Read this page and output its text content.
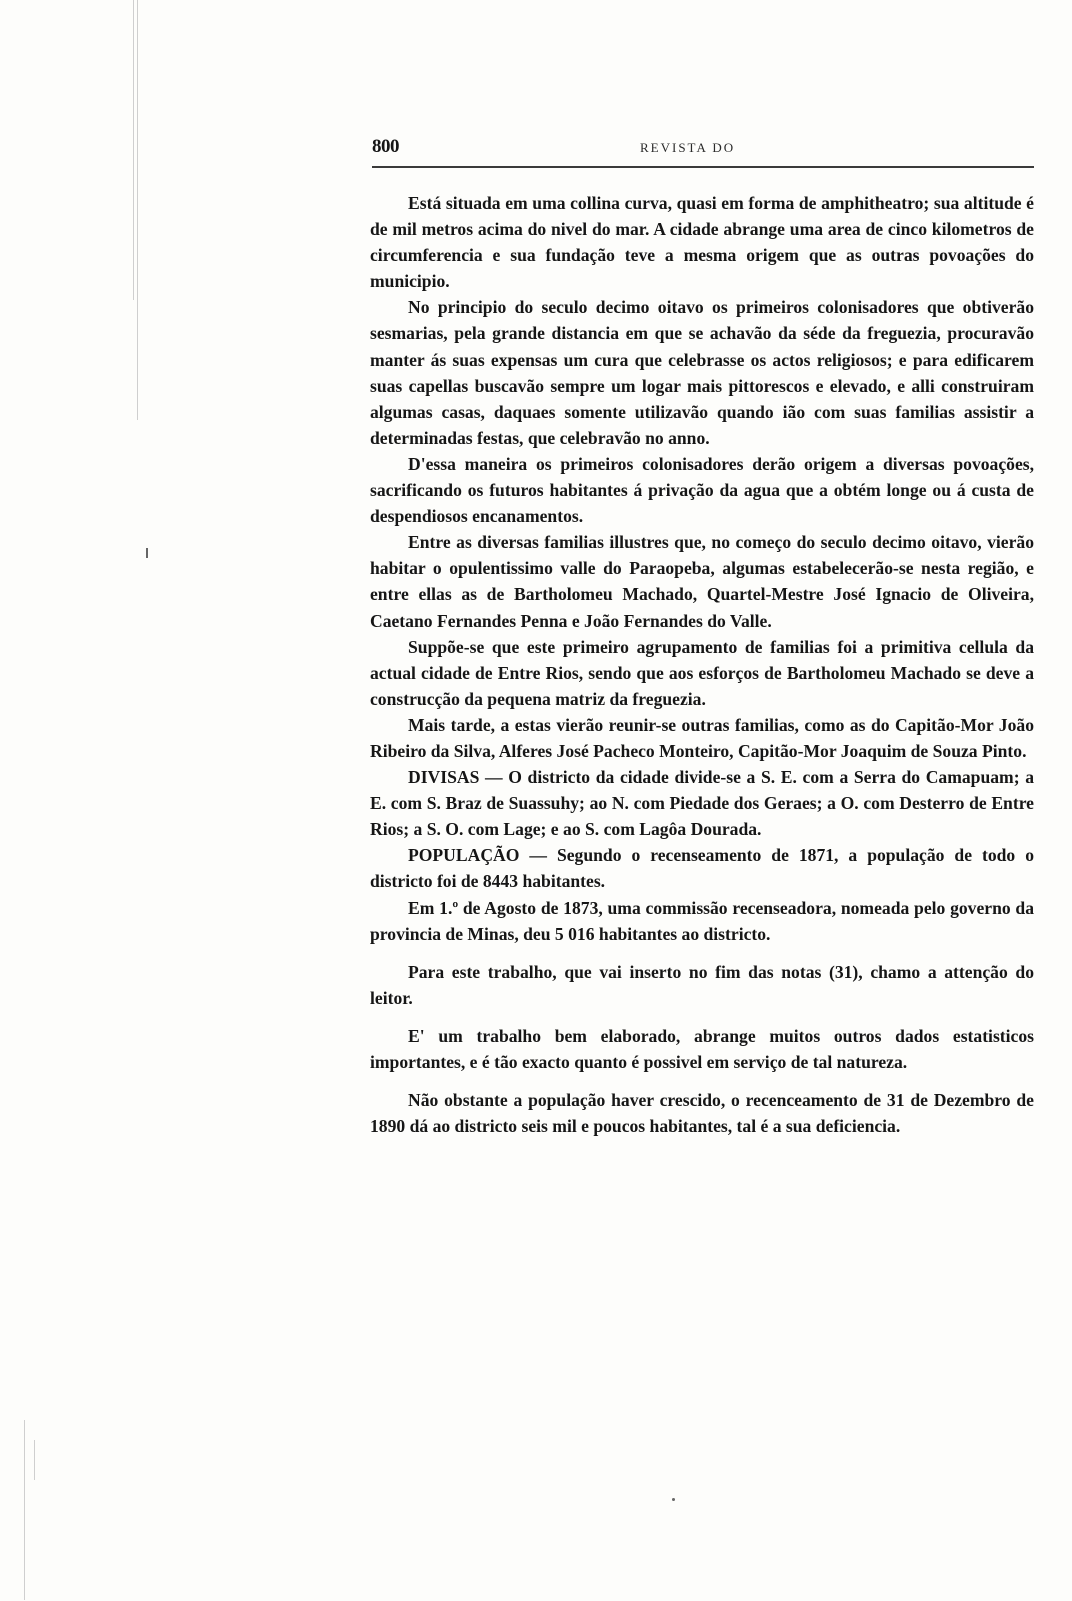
800	REVISTA DO

Está situada em uma collina curva, quasi em forma de amphitheatro; sua altitude é de mil metros acima do nivel do mar. A cidade abrange uma area de cinco kilometros de circumferencia e sua fundação teve a mesma origem que as outras povoações do municipio.

No principio do seculo decimo oitavo os primeiros colonisadores que obtiverão sesmarias, pela grande distancia em que se achavão da séde da freguezia, procuravão manter ás suas expensas um cura que celebrasse os actos religiosos; e para edificarem suas capellas buscavão sempre um logar mais pittorescos e elevado, e alli construiram algumas casas, daquaes somente utilizavão quando ião com suas familias assistir a determinadas festas, que celebravão no anno.

D'essa maneira os primeiros colonisadores derão origem a diversas povoações, sacrificando os futuros habitantes á privação da agua que a obtém longe ou á custa de despendiosos encanamentos.

Entre as diversas familias illustres que, no começo do seculo decimo oitavo, vierão habitar o opulentissimo valle do Paraopeba, algumas estabelecerão-se nesta região, e entre ellas as de Bartholomeu Machado, Quartel-Mestre José Ignacio de Oliveira, Caetano Fernandes Penna e João Fernandes do Valle.

Suppõe-se que este primeiro agrupamento de familias foi a primitiva cellula da actual cidade de Entre Rios, sendo que aos esforços de Bartholomeu Machado se deve a construcção da pequena matriz da freguezia.

Mais tarde, a estas vierão reunir-se outras familias, como as do Capitão-Mor João Ribeiro da Silva, Alferes José Pacheco Monteiro, Capitão-Mor Joaquim de Souza Pinto.

DIVISAS — O districto da cidade divide-se a S. E. com a Serra do Camapuam; a E. com S. Braz de Suassuhy; ao N. com Piedade dos Geraes; a O. com Desterro de Entre Rios; a S. O. com Lage; e ao S. com Lagôa Dourada.

POPULAÇÃO — Segundo o recenseamento de 1871, a população de todo o districto foi de 8443 habitantes.

Em 1.º de Agosto de 1873, uma commissão recenseadora, nomeada pelo governo da provincia de Minas, deu 5 016 habitantes ao districto.

Para este trabalho, que vai inserto no fim das notas (31), chamo a attenção do leitor.

E' um trabalho bem elaborado, abrange muitos outros dados estatisticos importantes, e é tão exacto quanto é possivel em serviço de tal natureza.

Não obstante a população haver crescido, o recenceamento de 31 de Dezembro de 1890 dá ao districto seis mil e poucos habitantes, tal é a sua deficiencia.
